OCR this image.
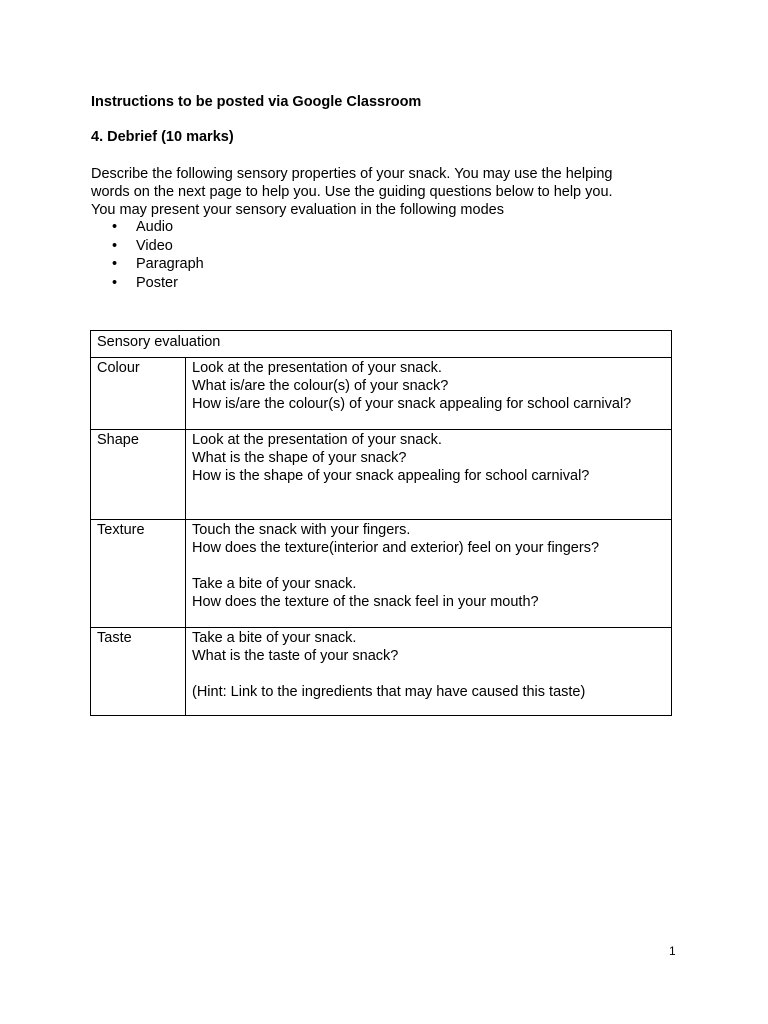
Instructions to be posted via Google Classroom

4. Debrief (10 marks)

Describe the following sensory properties of your snack. You may use the helping

words on the next page to help you. Use the guiding questions below to help you.

You may present your sensory evaluation in the following modes

• Audio
• Video
• Paragraph
• Poster
Sensory evaluation
Colour	Look at the presentation of your snack.
What is/are the colour(s) of your snack?
How is/are the colour(s) of your snack appealing for school carnival?
Shape	Look at the presentation of your snack.
What is the shape of your snack?
How is the shape of your snack appealing for school carnival?
Texture	Touch the snack with your fingers.
How does the texture(interior and exterior) feel on your fingers?
Take a bite of your snack.
How does the texture of the snack feel in your mouth?
Taste	Take a bite of your snack.
What is the taste of your snack?
(Hint: Link to the ingredients that may have caused this taste)
1
